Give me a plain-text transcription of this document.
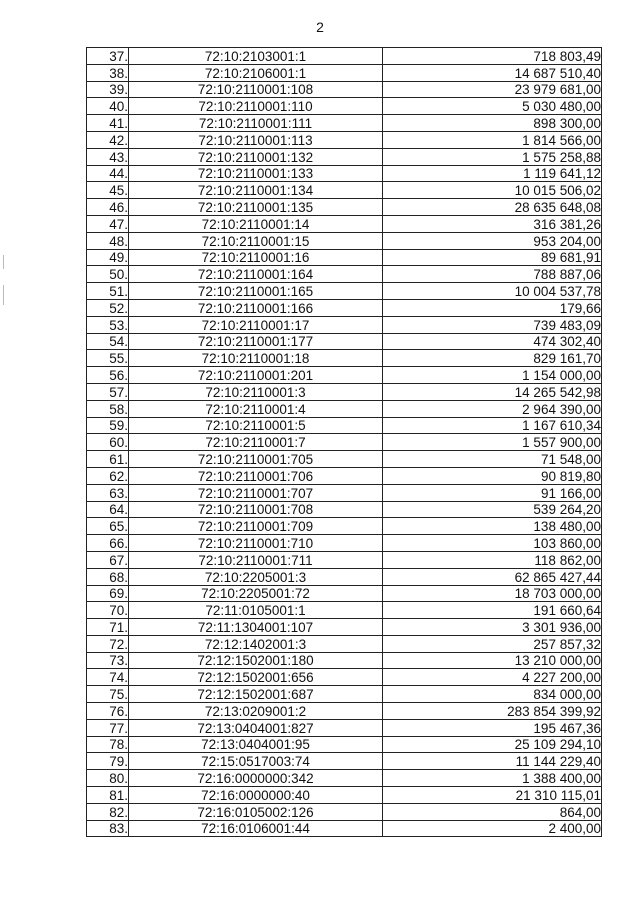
2
37.	72:10:2103001:1	718 803,49
38.	72:10:2106001:1	14 687 510,40
39.	72:10:2110001:108	23 979 681,00
40.	72:10:2110001:110	5 030 480,00
41.	72:10:2110001:111	898 300,00
42.	72:10:2110001:113	1 814 566,00
43.	72:10:2110001:132	1 575 258,88
44.	72:10:2110001:133	1 119 641,12
45.	72:10:2110001:134	10 015 506,02
46.	72:10:2110001:135	28 635 648,08
47.	72:10:2110001:14	316 381,26
48.	72:10:2110001:15	953 204,00
49.	72:10:2110001:16	89 681,91
50.	72:10:2110001:164	788 887,06
51.	72:10:2110001:165	10 004 537,78
52.	72:10:2110001:166	179,66
53.	72:10:2110001:17	739 483,09
54.	72:10:2110001:177	474 302,40
55.	72:10:2110001:18	829 161,70
56.	72:10:2110001:201	1 154 000,00
57.	72:10:2110001:3	14 265 542,98
58.	72:10:2110001:4	2 964 390,00
59.	72:10:2110001:5	1 167 610,34
60.	72:10:2110001:7	1 557 900,00
61.	72:10:2110001:705	71 548,00
62.	72:10:2110001:706	90 819,80
63.	72:10:2110001:707	91 166,00
64.	72:10:2110001:708	539 264,20
65.	72:10:2110001:709	138 480,00
66.	72:10:2110001:710	103 860,00
67.	72:10:2110001:711	118 862,00
68.	72:10:2205001:3	62 865 427,44
69.	72:10:2205001:72	18 703 000,00
70.	72:11:0105001:1	191 660,64
71.	72:11:1304001:107	3 301 936,00
72.	72:12:1402001:3	257 857,32
73.	72:12:1502001:180	13 210 000,00
74.	72:12:1502001:656	4 227 200,00
75.	72:12:1502001:687	834 000,00
76.	72:13:0209001:2	283 854 399,92
77.	72:13:0404001:827	195 467,36
78.	72:13:0404001:95	25 109 294,10
79.	72:15:0517003:74	11 144 229,40
80.	72:16:0000000:342	1 388 400,00
81.	72:16:0000000:40	21 310 115,01
82.	72:16:0105002:126	864,00
83.	72:16:0106001:44	2 400,00
